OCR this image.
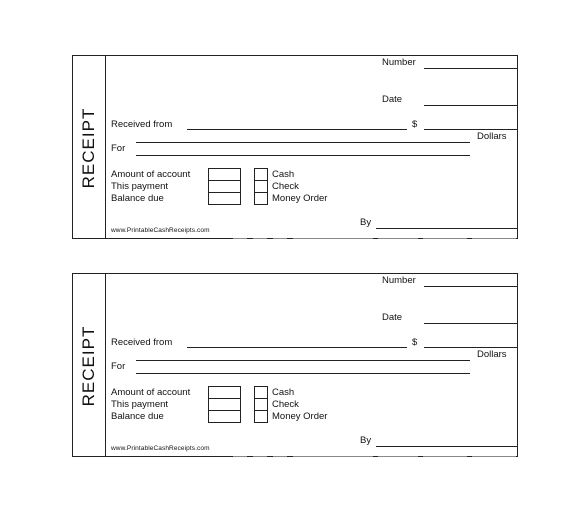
RECEIPT
Number
Date
Received from	$
Dollars
For
Amount of account
This payment
Balance due
Cash
Check
Money Order
By
www.PrintableCashReceipts.com
RECEIPT
Number
Date
Received from	$
Dollars
For
Amount of account
This payment
Balance due
Cash
Check
Money Order
By
www.PrintableCashReceipts.com
